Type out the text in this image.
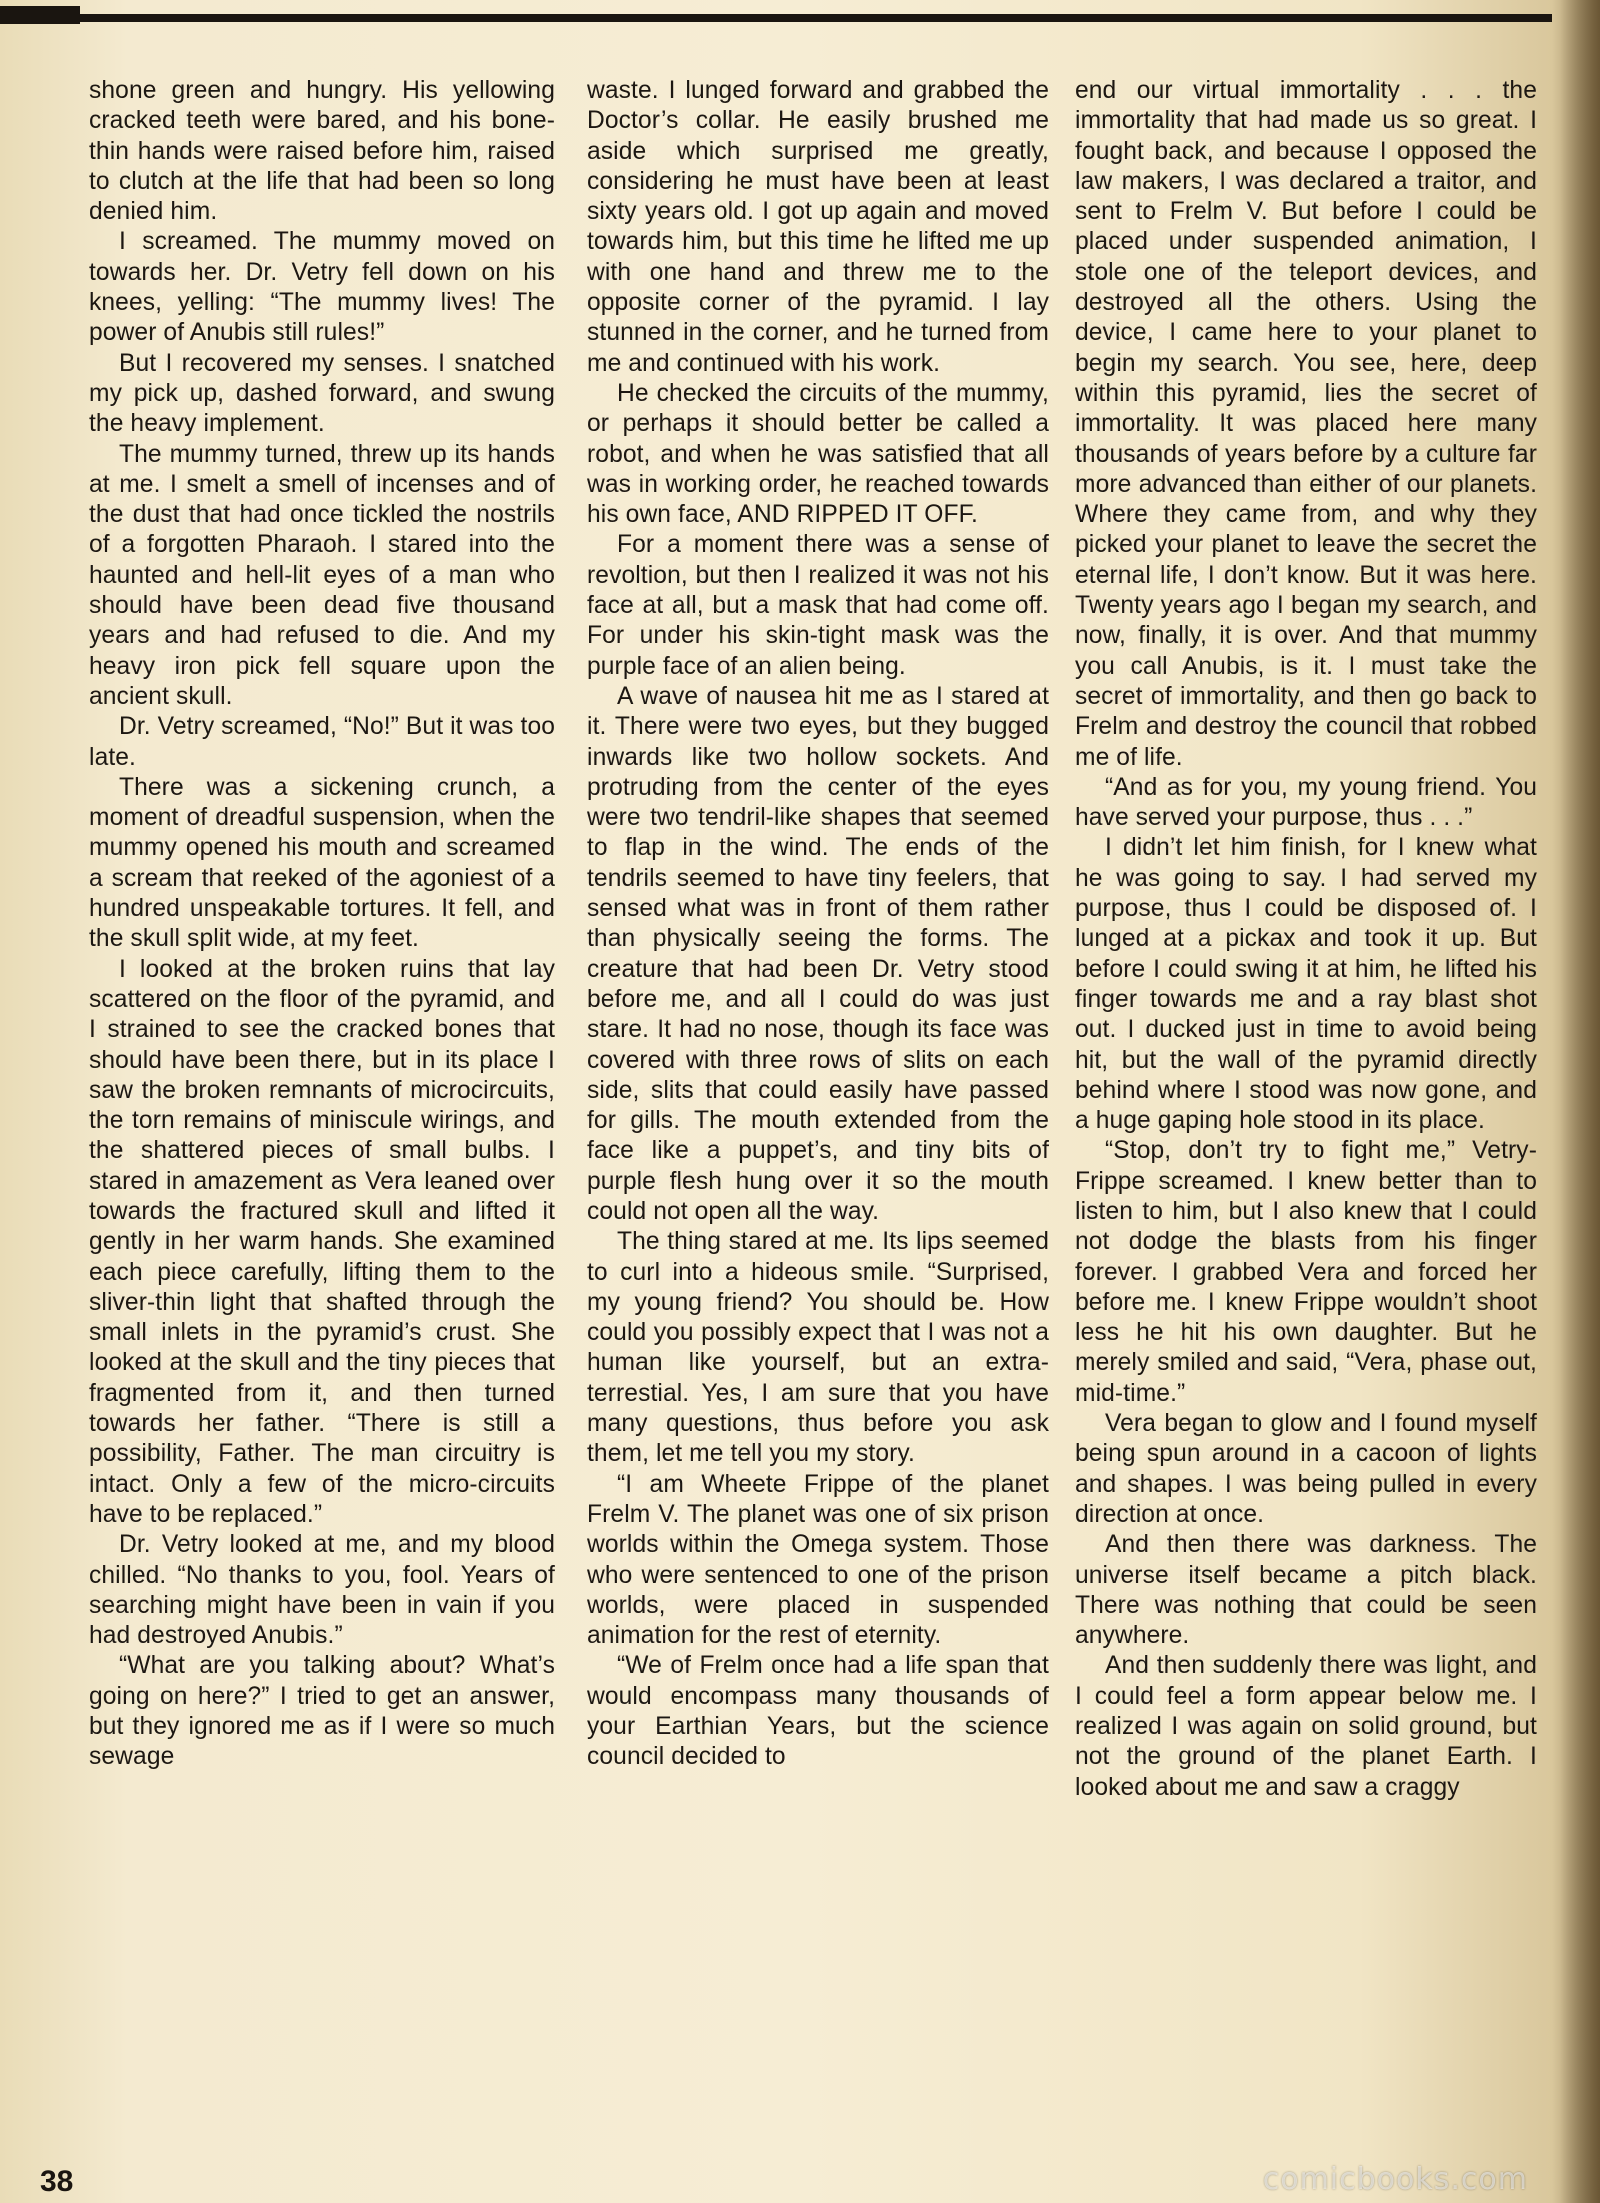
shone green and hungry. His yellowing cracked teeth were bared, and his bone-thin hands were raised before him, raised to clutch at the life that had been so long denied him.

I screamed. The mummy moved on towards her. Dr. Vetry fell down on his knees, yelling: “The mummy lives! The power of Anubis still rules!”

But I recovered my senses. I snatched my pick up, dashed forward, and swung the heavy implement.

The mummy turned, threw up its hands at me. I smelt a smell of incenses and of the dust that had once tickled the nostrils of a forgotten Pharaoh. I stared into the haunted and hell-lit eyes of a man who should have been dead five thousand years and had refused to die. And my heavy iron pick fell square upon the ancient skull.

Dr. Vetry screamed, “No!” But it was too late.

There was a sickening crunch, a moment of dreadful suspension, when the mummy opened his mouth and screamed a scream that reeked of the agoniest of a hundred unspeakable tortures. It fell, and the skull split wide, at my feet.

I looked at the broken ruins that lay scattered on the floor of the pyramid, and I strained to see the cracked bones that should have been there, but in its place I saw the broken remnants of microcircuits, the torn remains of miniscule wirings, and the shattered pieces of small bulbs. I stared in amazement as Vera leaned over towards the fractured skull and lifted it gently in her warm hands. She examined each piece carefully, lifting them to the sliver-thin light that shafted through the small inlets in the pyramid’s crust. She looked at the skull and the tiny pieces that fragmented from it, and then turned towards her father. “There is still a possibility, Father. The man circuitry is intact. Only a few of the micro-circuits have to be replaced.”

Dr. Vetry looked at me, and my blood chilled. “No thanks to you, fool. Years of searching might have been in vain if you had destroyed Anubis.”

“What are you talking about? What’s going on here?” I tried to get an answer, but they ignored me as if I were so much sewage

waste. I lunged forward and grabbed the Doctor’s collar. He easily brushed me aside which surprised me greatly, considering he must have been at least sixty years old. I got up again and moved towards him, but this time he lifted me up with one hand and threw me to the opposite corner of the pyramid. I lay stunned in the corner, and he turned from me and continued with his work.

He checked the circuits of the mummy, or perhaps it should better be called a robot, and when he was satisfied that all was in working order, he reached towards his own face, AND RIPPED IT OFF.

For a moment there was a sense of revoltion, but then I realized it was not his face at all, but a mask that had come off. For under his skin-tight mask was the purple face of an alien being.

A wave of nausea hit me as I stared at it. There were two eyes, but they bugged inwards like two hollow sockets. And protruding from the center of the eyes were two tendril-like shapes that seemed to flap in the wind. The ends of the tendrils seemed to have tiny feelers, that sensed what was in front of them rather than physically seeing the forms. The creature that had been Dr. Vetry stood before me, and all I could do was just stare. It had no nose, though its face was covered with three rows of slits on each side, slits that could easily have passed for gills. The mouth extended from the face like a puppet’s, and tiny bits of purple flesh hung over it so the mouth could not open all the way.

The thing stared at me. Its lips seemed to curl into a hideous smile. “Surprised, my young friend? You should be. How could you possibly expect that I was not a human like yourself, but an extra-terrestial. Yes, I am sure that you have many questions, thus before you ask them, let me tell you my story.

“I am Wheete Frippe of the planet Frelm V. The planet was one of six prison worlds within the Omega system. Those who were sentenced to one of the prison worlds, were placed in suspended animation for the rest of eternity.

“We of Frelm once had a life span that would encompass many thousands of your Earthian Years, but the science council decided to

end our virtual immortality . . . the immortality that had made us so great. I fought back, and because I opposed the law makers, I was declared a traitor, and sent to Frelm V. But before I could be placed under suspended animation, I stole one of the teleport devices, and destroyed all the others. Using the device, I came here to your planet to begin my search. You see, here, deep within this pyramid, lies the secret of immortality. It was placed here many thousands of years before by a culture far more advanced than either of our planets. Where they came from, and why they picked your planet to leave the secret the eternal life, I don’t know. But it was here. Twenty years ago I began my search, and now, finally, it is over. And that mummy you call Anubis, is it. I must take the secret of immortality, and then go back to Frelm and destroy the council that robbed me of life.

“And as for you, my young friend. You have served your purpose, thus . . .”

I didn’t let him finish, for I knew what he was going to say. I had served my purpose, thus I could be disposed of. I lunged at a pickax and took it up. But before I could swing it at him, he lifted his finger towards me and a ray blast shot out. I ducked just in time to avoid being hit, but the wall of the pyramid directly behind where I stood was now gone, and a huge gaping hole stood in its place.

“Stop, don’t try to fight me,” Vetry-Frippe screamed. I knew better than to listen to him, but I also knew that I could not dodge the blasts from his finger forever. I grabbed Vera and forced her before me. I knew Frippe wouldn’t shoot less he hit his own daughter. But he merely smiled and said, “Vera, phase out, mid-time.”

Vera began to glow and I found myself being spun around in a cacoon of lights and shapes. I was being pulled in every direction at once.

And then there was darkness. The universe itself became a pitch black. There was nothing that could be seen anywhere.

And then suddenly there was light, and I could feel a form appear below me. I realized I was again on solid ground, but not the ground of the planet Earth. I looked about me and saw a craggy

38	comicbooks.com
